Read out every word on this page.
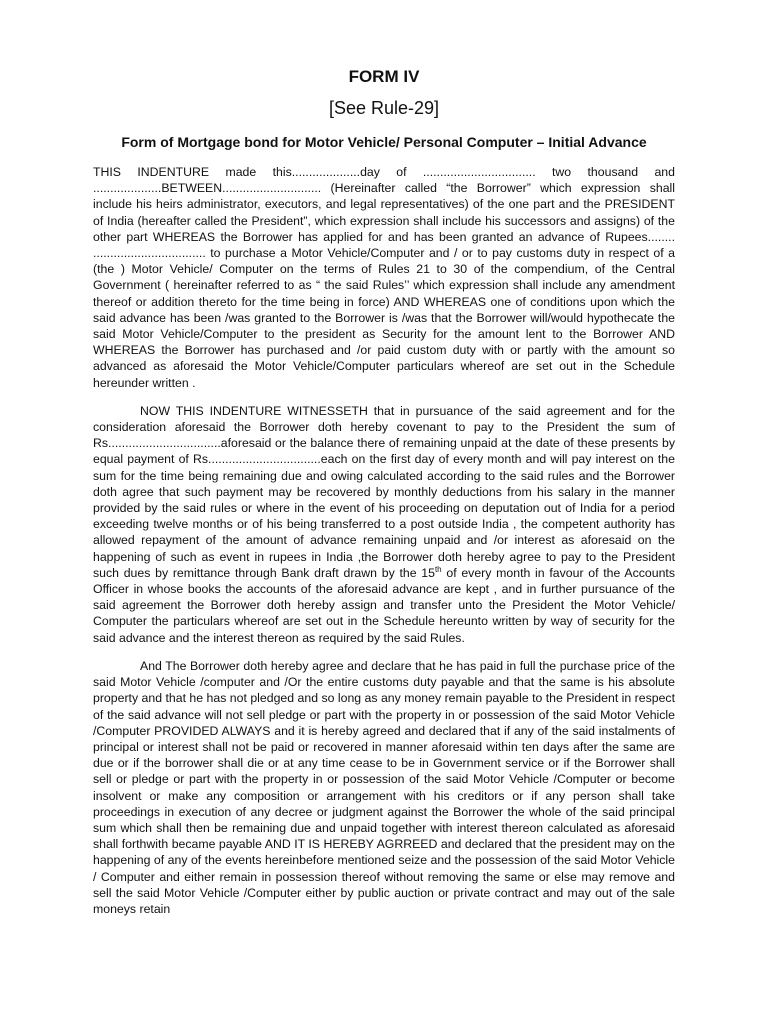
FORM IV
[See Rule-29]
Form of Mortgage bond for Motor Vehicle/ Personal Computer – Initial Advance

THIS INDENTURE made this....................day of ................................. two thousand and ....................BETWEEN............................. (Hereinafter called “the Borrower” which expression shall include his heirs administrator, executors, and legal representatives) of the one part and the PRESIDENT of India (hereafter called the President”, which expression shall include his successors and assigns) of the other part WHEREAS the Borrower has applied for and has been granted an advance of Rupees........ ................................. to purchase a Motor Vehicle/Computer and / or to pay customs duty in respect of a (the ) Motor Vehicle/ Computer on the terms of Rules 21 to 30 of the compendium, of the Central Government ( hereinafter referred to as “ the said Rules’’ which expression shall include any amendment thereof or addition thereto for the time being in force) AND WHEREAS one of conditions upon which the said advance has been /was granted to the Borrower is /was that the Borrower will/would hypothecate the said Motor Vehicle/Computer to the president as Security for the amount lent to the Borrower AND WHEREAS the Borrower has purchased and /or paid custom duty with or partly with the amount so advanced as aforesaid the Motor Vehicle/Computer particulars whereof are set out in the Schedule hereunder written .

NOW THIS INDENTURE WITNESSETH that in pursuance of the said agreement and for the consideration aforesaid the Borrower doth hereby covenant to pay to the President the sum of Rs.................................aforesaid or the balance there of remaining unpaid at the date of these presents by equal payment of Rs.................................each on the first day of every month and will pay interest on the sum for the time being remaining due and owing calculated according to the said rules and the Borrower doth agree that such payment may be recovered by monthly deductions from his salary in the manner provided by the said rules or where in the event of his proceeding on deputation out of India for a period exceeding twelve months or of his being transferred to a post outside India , the competent authority has allowed repayment of the amount of advance remaining unpaid and /or interest as aforesaid on the happening of such as event in rupees in India ,the Borrower doth hereby agree to pay to the President such dues by remittance through Bank draft drawn by the 15th of every month in favour of the Accounts Officer in whose books the accounts of the aforesaid advance are kept , and in further pursuance of the said agreement the Borrower doth hereby assign and transfer unto the President the Motor Vehicle/ Computer the particulars whereof are set out in the Schedule hereunto written by way of security for the said advance and the interest thereon as required by the said Rules.

And The Borrower doth hereby agree and declare that he has paid in full the purchase price of the said Motor Vehicle /computer and /Or the entire customs duty payable and that the same is his absolute property and that he has not pledged and so long as any money remain payable to the President in respect of the said advance will not sell pledge or part with the property in or possession of the said Motor Vehicle /Computer PROVIDED ALWAYS and it is hereby agreed and declared that if any of the said instalments of principal or interest shall not be paid or recovered in manner aforesaid within ten days after the same are due or if the borrower shall die or at any time cease to be in Government service or if the Borrower shall sell or pledge or part with the property in or possession of the said Motor Vehicle /Computer or become insolvent or make any composition or arrangement with his creditors or if any person shall take proceedings in execution of any decree or judgment against the Borrower the whole of the said principal sum which shall then be remaining due and unpaid together with interest thereon calculated as aforesaid shall forthwith became payable AND IT IS HEREBY AGRREED and declared that the president may on the happening of any of the events hereinbefore mentioned seize and the possession of the said Motor Vehicle / Computer and either remain in possession thereof without removing the same or else may remove and sell the said Motor Vehicle /Computer either by public auction or private contract and may out of the sale moneys retain
